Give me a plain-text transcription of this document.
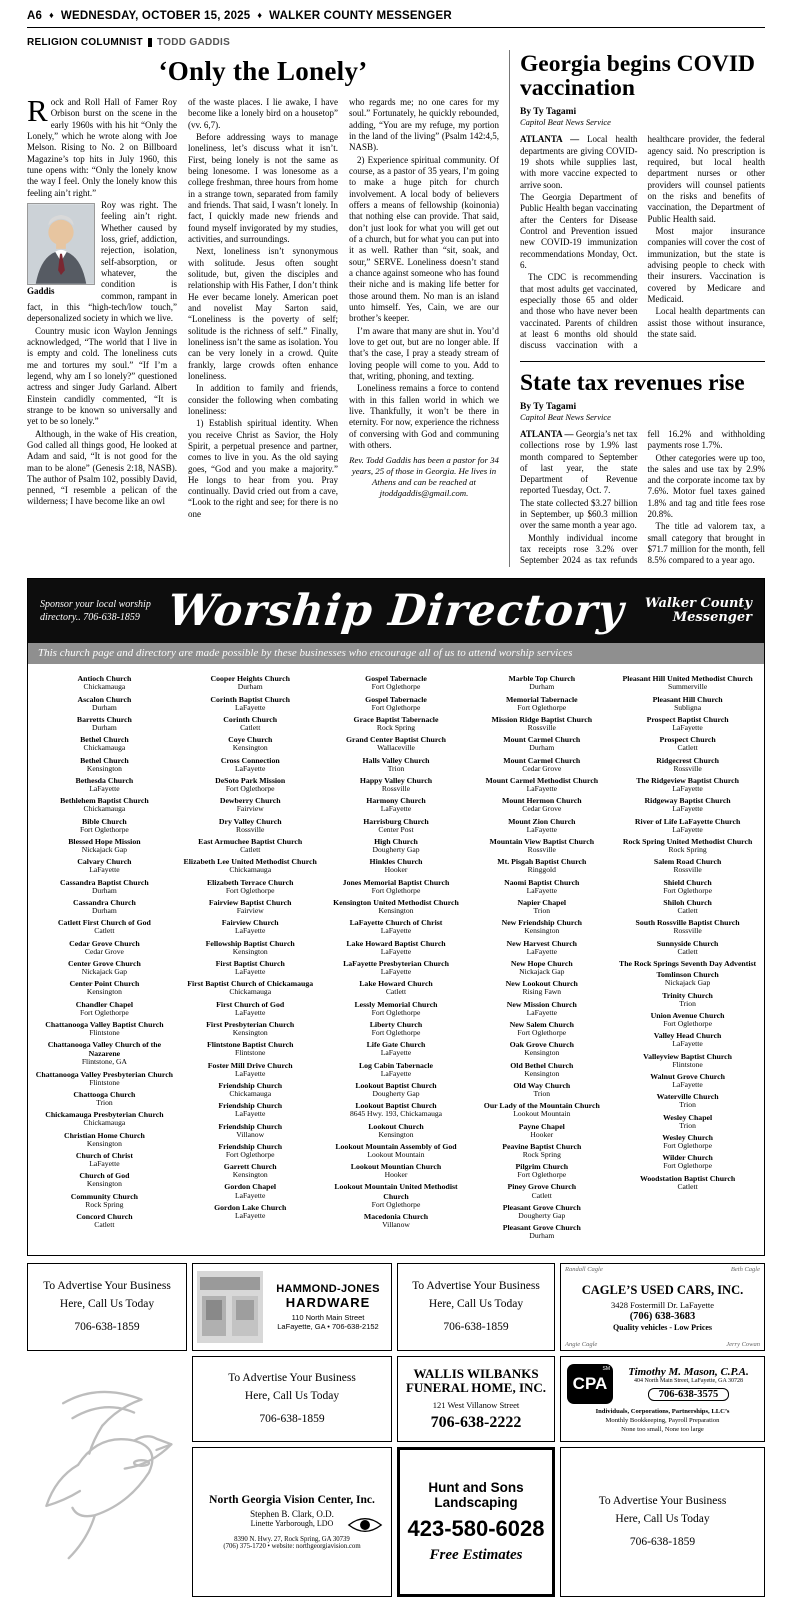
A6 ♦ WEDNESDAY, OCTOBER 15, 2025 ♦ WALKER COUNTY MESSENGER
RELIGION COLUMNIST TODD GADDIS
‘Only the Lonely’

Rock and Roll Hall of Famer Roy Orbison burst on the scene in the early 1960s with his hit “Only the Lonely,” which he wrote along with Joe Melson. Rising to No. 2 on Billboard Magazine’s top hits in July 1960, this tune opens with: “Only the lonely know the way I feel. Only the lonely know this feeling ain’t right.”

Gaddis

Roy was right. The feeling ain’t right. Whether caused by loss, grief, addiction, rejection, isolation, self-absorption, or whatever, the condition is common, rampant in fact, in this “high-tech/low touch,” depersonalized society in which we live.

Country music icon Waylon Jennings acknowledged, “The world that I live in is empty and cold. The loneliness cuts me and tortures my soul.” “If I’m a legend, why am I so lonely?” questioned actress and singer Judy Garland. Albert Einstein candidly commented, “It is strange to be known so universally and yet to be so lonely.”

Although, in the wake of His creation, God called all things good, He looked at Adam and said, “It is not good for the man to be alone” (Genesis 2:18, NASB). The author of Psalm 102, possibly David, penned, “I resemble a pelican of the wilderness; I have become like an owl

of the waste places. I lie awake, I have become like a lonely bird on a housetop” (vv. 6,7).

Before addressing ways to manage loneliness, let’s discuss what it isn’t. First, being lonely is not the same as being lonesome. I was lonesome as a college freshman, three hours from home in a strange town, separated from family and friends. That said, I wasn’t lonely. In fact, I quickly made new friends and found myself invigorated by my studies, activities, and surroundings.

Next, loneliness isn’t synonymous with solitude. Jesus often sought solitude, but, given the disciples and relationship with His Father, I don’t think He ever became lonely. American poet and novelist May Sarton said, “Loneliness is the poverty of self; solitude is the richness of self.” Finally, loneliness isn’t the same as isolation. You can be very lonely in a crowd. Quite frankly, large crowds often enhance loneliness.

In addition to family and friends, consider the following when combating loneliness:

1) Establish spiritual identity. When you receive Christ as Savior, the Holy Spirit, a perpetual presence and partner, comes to live in you. As the old saying goes, “God and you make a majority.” He longs to hear from you. Pray continually. David cried out from a cave, “Look to the right and see; for there is no one

who regards me; no one cares for my soul.” Fortunately, he quickly rebounded, adding, “You are my refuge, my portion in the land of the living” (Psalm 142:4,5, NASB).

2) Experience spiritual community. Of course, as a pastor of 35 years, I’m going to make a huge pitch for church involvement. A local body of believers offers a means of fellowship (koinonia) that nothing else can provide. That said, don’t just look for what you will get out of a church, but for what you can put into it as well. Rather than “sit, soak, and sour,” SERVE. Loneliness doesn’t stand a chance against someone who has found their niche and is making life better for those around them. No man is an island unto himself. Yes, Cain, we are our brother’s keeper.

I’m aware that many are shut in. You’d love to get out, but are no longer able. If that’s the case, I pray a steady stream of loving people will come to you. Add to that, writing, phoning, and texting.

Loneliness remains a force to contend with in this fallen world in which we live. Thankfully, it won’t be there in eternity. For now, experience the richness of conversing with God and communing with others.

Rev. Todd Gaddis has been a pastor for 34 years, 25 of those in Georgia. He lives in Athens and can be reached at jtoddgaddis@gmail.com.

Georgia begins COVID vaccination
By Ty Tagami
Capitol Beat News Service

ATLANTA — Local health departments are giving COVID-19 shots while supplies last, with more vaccine expected to arrive soon.

The Georgia Department of Public Health began vaccinating after the Centers for Disease Control and Prevention issued new COVID-19 immunization recommendations Monday, Oct. 6.

The CDC is recommending that most adults get vaccinated, especially those 65 and older and those who have never been vaccinated. Parents of children at least 6 months old should discuss vaccination with a healthcare provider, the federal agency said. No prescription is required, but local health department nurses or other providers will counsel patients on the risks and benefits of vaccination, the Department of Public Health said.

Most major insurance companies will cover the cost of immunization, but the state is advising people to check with their insurers. Vaccination is covered by Medicare and Medicaid.

Local health departments can assist those without insurance, the state said.

State tax revenues rise
By Ty Tagami
Capitol Beat News Service

ATLANTA — Georgia’s net tax collections rose by 1.9% last month compared to September of last year, the state Department of Revenue reported Tuesday, Oct. 7.

The state collected $3.27 billion in September, up $60.3 million over the same month a year ago.

Monthly individual income tax receipts rose 3.2% over September 2024 as tax refunds fell 16.2% and withholding payments rose 1.7%.

Other categories were up too, the sales and use tax by 2.9% and the corporate income tax by 7.6%. Motor fuel taxes gained 1.8% and tag and title fees rose 20.8%.

The title ad valorem tax, a small category that brought in $71.7 million for the month, fell 8.5% compared to a year ago.

Sponsor your local worship
directory.. 706-638-1859 Worship Directory	Walker County Messenger
This church page and directory are made possible by these businesses who encourage all of us to attend worship services
Antioch Church
Chickamauga
Ascalon Church
Durham
Barretts Church
Durham
Bethel Church
Chickamauga
Bethel Church
Kensington
Bethesda Church
LaFayette
Bethlehem Baptist Church
Chickamauga
Bible Church
Fort Oglethorpe
Blessed Hope Mission
Nickajack Gap
Calvary Church
LaFayette
Cassandra Baptist Church
Durham
Cassandra Church
Durham
Catlett First Church of God
Catlett
Cedar Grove Church
Cedar Grove
Center Grove Church
Nickajack Gap
Center Point Church
Kensington
Chandler Chapel
Fort Oglethorpe
Chattanooga Valley Baptist Church
Flintstone
Chattanooga Valley Church of the Nazarene
Flintstone, GA
Chattanooga Valley Presbyterian Church
Flintstone
Chattooga Church
Trion
Chickamauga Presbyterian Church
Chickamauga
Christian Home Church
Kensington
Church of Christ
LaFayette
Church of God
Kensington
Community Church
Rock Spring
Concord Church
Catlett
Cooper Heights Church
Durham
Corinth Baptist Church
LaFayette
Corinth Church
Catlett
Coye Church
Kensington
Cross Connection
LaFayette
DeSoto Park Mission
Fort Oglethorpe
Dewberry Church
Fairview
Dry Valley Church
Rossville
East Armuchee Baptist Church
Catlett
Elizabeth Lee United Methodist Church
Chickamauga
Elizabeth Terrace Church
Fort Oglethorpe
Fairview Baptist Church
Fairview
Fairview Church
LaFayette
Fellowship Baptist Church
Kensington
First Baptist Church
LaFayette
First Baptist Church of Chickamauga
Chickamauga
First Church of God
LaFayette
First Presbyterian Church
Kensington
Flintstone Baptist Church
Flintstone
Foster Mill Drive Church
LaFayette
Friendship Church
Chickamauga
Friendship Church
LaFayette
Friendship Church
Villanow
Friendship Church
Fort Oglethorpe
Garrett Church
Kensington
Gordon Chapel
LaFayette
Gordon Lake Church
LaFayette
Gospel Tabernacle
Fort Oglethorpe
Gospel Tabernacle
Fort Oglethorpe
Grace Baptist Tabernacle
Rock Spring
Grand Center Baptist Church
Wallaceville
Halls Valley Church
Trion
Happy Valley Church
Rossville
Harmony Church
LaFayette
Harrisburg Church
Center Post
High Church
Dougherty Gap
Hinkles Church
Hooker
Jones Memorial Baptist Church
Fort Oglethorpe
Kensington United Methodist Church
Kensington
LaFayette Church of Christ
LaFayette
Lake Howard Baptist Church
LaFayette
LaFayette Presbyterian Church
LaFayette
Lake Howard Church
Catlett
Lessly Memorial Church
Fort Oglethorpe
Liberty Church
Fort Oglethorpe
Life Gate Church
LaFayette
Log Cabin Tabernacle
LaFayette
Lookout Baptist Church
Dougherty Gap
Lookout Baptist Church
8645 Hwy. 193, Chickamauga
Lookout Church
Kensington
Lookout Mountain Assembly of God
Lookout Mountain
Lookout Mountian Church
Hooker
Lookout Mountain United Methodist Church
Fort Oglethorpe
Macedonia Church
Villanow
Marble Top Church
Durham
Memorial Tabernacle
Fort Oglethorpe
Mission Ridge Baptist Church
Rossville
Mount Carmel Church
Durham
Mount Carmel Church
Cedar Grove
Mount Carmel Methodist Church
LaFayette
Mount Hermon Church
Cedar Grove
Mount Zion Church
LaFayette
Mountain View Baptist Church
Rossville
Mt. Pisgah Baptist Church
Ringgold
Naomi Baptist Church
LaFayette
Napier Chapel
Trion
New Friendship Church
Kensington
New Harvest Church
LaFayette
New Hope Church
Nickajack Gap
New Lookout Church
Rising Fawn
New Mission Church
LaFayette
New Salem Church
Fort Oglethorpe
Oak Grove Church
Kensington
Old Bethel Church
Kensington
Old Way Church
Trion
Our Lady of the Mountain Church
Lookout Mountain
Payne Chapel
Hooker
Peavine Baptist Church
Rock Spring
Pilgrim Church
Fort Oglethorpe
Piney Grove Church
Catlett
Pleasant Grove Church
Dougherty Gap
Pleasant Grove Church
Durham
Pleasant Hill United Methodist Church
Summerville
Pleasant Hill Church
Subligna
Prospect Baptist Church
LaFayette
Prospect Church
Catlett
Ridgecrest Church
Rossville
The Ridgeview Baptist Church
LaFayette
Ridgeway Baptist Church
LaFayette
River of Life LaFayette Church
LaFayette
Rock Spring United Methodist Church
Rock Spring
Salem Road Church
Rossville
Shield Church
Fort Oglethorpe
Shiloh Church
Catlett
South Rossville Baptist Church
Rossville
Sunnyside Church
Catlett
The Rock Springs Seventh Day Adventist
Tomlinson Church
Nickajack Gap
Trinity Church
Trion
Union Avenue Church
Fort Oglethorpe
Valley Head Church
LaFayette
Valleyview Baptist Church
Flintstone
Walnut Grove Church
LaFayette
Waterville Church
Trion
Wesley Chapel
Trion
Wesley Church
Fort Oglethorpe
Wilder Church
Fort Oglethorpe
Woodstation Baptist Church
Catlett
To Advertise Your Business
Here, Call Us Today
706-638-1859
HAMMOND-JONES
HARDWARE
110 North Main Street
LaFayette, GA • 706-638-2152
To Advertise Your Business
Here, Call Us Today
706-638-1859
Randall Cagle	Beth Cagle
Angie Cagle	Jerry Cowan
CAGLE’S USED CARS, INC.
3428 Fostermill Dr. LaFayette
(706) 638-3683
Quality vehicles - Low Prices
To Advertise Your Business
Here, Call Us Today
706-638-1859
WALLIS WILBANKS
FUNERAL HOME, INC.
121 West Villanow Street
706-638-2222
CPA
SM	Timothy M. Mason, C.P.A.
404 North Main Street, LaFayette, GA 30728
706-638-3575
Individuals, Corporations, Partnerships, LLC’s
Monthly Bookkeeping, Payroll Preparation
None too small, None too large
North Georgia Vision Center, Inc.
Stephen B. Clark, O.D.
Linette Yarborough, LDO
8390 N. Hwy. 27, Rock Spring, GA 30739
(706) 375-1720 • website: northgeorgiavision.com
Hunt and Sons Landscaping
423-580-6028
Free Estimates
To Advertise Your Business
Here, Call Us Today
706-638-1859
